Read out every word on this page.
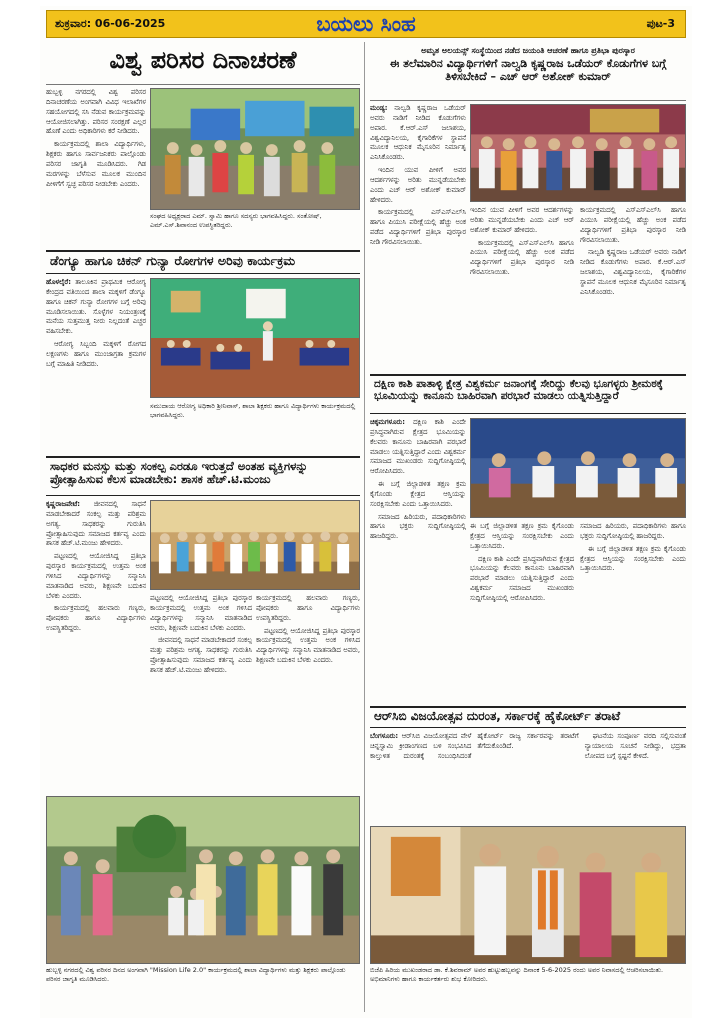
ಶುಕ್ರವಾರ: 06-06-2025	ಬಯಲು ಸಿಂಹ	ಪುಟ-3
ವಿಶ್ವ ಪರಿಸರ ದಿನಾಚರಣೆ

ಹುಬ್ಬಳ್ಳಿ ನಗರದಲ್ಲಿ ವಿಶ್ವ ಪರಿಸರ ದಿನಾಚರಣೆಯ ಅಂಗವಾಗಿ ವಿವಿಧ ಇಲಾಖೆಗಳ ಸಹಯೋಗದಲ್ಲಿ ಸಸಿ ನೆಡುವ ಕಾರ್ಯಕ್ರಮವನ್ನು ಆಯೋಜಿಸಲಾಗಿತ್ತು. ಪರಿಸರ ಸಂರಕ್ಷಣೆ ಎಲ್ಲರ ಹೊಣೆ ಎಂದು ಅಧಿಕಾರಿಗಳು ಕರೆ ನೀಡಿದರು.

ಕಾರ್ಯಕ್ರಮದಲ್ಲಿ ಶಾಲಾ ವಿದ್ಯಾರ್ಥಿಗಳು, ಶಿಕ್ಷಕರು ಹಾಗೂ ಸಾರ್ವಜನಿಕರು ಪಾಲ್ಗೊಂಡು ಪರಿಸರ ಜಾಗೃತಿ ಮೂಡಿಸಿದರು. ಗಿಡ ಮರಗಳನ್ನು ಬೆಳೆಸುವ ಮೂಲಕ ಮುಂದಿನ ಪೀಳಿಗೆಗೆ ಸ್ವಚ್ಛ ಪರಿಸರ ನೀಡಬೇಕು ಎಂದರು.

ಸಂಘದ ಅಧ್ಯಕ್ಷರಾದ ಎಮ್. ಸ್ವಾಮಿ ಹಾಗೂ ಸದಸ್ಯರು ಭಾಗವಹಿಸಿದ್ದರು. ಸಂತೋಷ್, ಎಮ್.ಎಸ್.ಶಿವಾನಂದ ಉಪಸ್ಥಿತರಿದ್ದರು.
ಡೆಂಗ್ಯೂ ಹಾಗೂ ಚಿಕನ್ ಗುನ್ಯಾ ರೋಗಗಳ ಅರಿವು ಕಾರ್ಯಕ್ರಮ

ಹೊಳಲ್ಕೆರೆ: ತಾಲೂಕಿನ ಪ್ರಾಥಮಿಕ ಆರೋಗ್ಯ ಕೇಂದ್ರದ ವತಿಯಿಂದ ಶಾಲಾ ಮಕ್ಕಳಿಗೆ ಡೆಂಗ್ಯೂ ಹಾಗೂ ಚಿಕನ್ ಗುನ್ಯಾ ರೋಗಗಳ ಬಗ್ಗೆ ಅರಿವು ಮೂಡಿಸಲಾಯಿತು. ಸೊಳ್ಳೆಗಳ ನಿಯಂತ್ರಣಕ್ಕೆ ಮನೆಯ ಸುತ್ತಮುತ್ತ ನೀರು ನಿಲ್ಲದಂತೆ ಎಚ್ಚರ ವಹಿಸಬೇಕು.

ಆರೋಗ್ಯ ಸಿಬ್ಬಂದಿ ಮಕ್ಕಳಿಗೆ ರೋಗದ ಲಕ್ಷಣಗಳು ಹಾಗೂ ಮುಂಜಾಗ್ರತಾ ಕ್ರಮಗಳ ಬಗ್ಗೆ ಮಾಹಿತಿ ನೀಡಿದರು.

ಸಮುದಾಯ ಆರೋಗ್ಯ ಅಧಿಕಾರಿ ಶ್ರೀನಿವಾಸ್, ಶಾಲಾ ಶಿಕ್ಷಕರು ಹಾಗೂ ವಿದ್ಯಾರ್ಥಿಗಳು ಕಾರ್ಯಕ್ರಮದಲ್ಲಿ ಭಾಗವಹಿಸಿದ್ದರು.
ಸಾಧಕರ ಮನಸ್ಸು ಮತ್ತು ಸಂಕಲ್ಪ ಎರಡೂ ಇರುತ್ತದೆ ಅಂತಹ ವ್ಯಕ್ತಿಗಳನ್ನು ಪ್ರೋತ್ಸಾಹಿಸುವ ಕೆಲಸ ಮಾಡಬೇಕು: ಶಾಸಕ ಹೆಚ್.ಟಿ.ಮಂಜು

ಕೃಷ್ಣರಾಜಪೇಟೆ: ಜೀವನದಲ್ಲಿ ಸಾಧನೆ ಮಾಡಬೇಕಾದರೆ ಸಂಕಲ್ಪ ಮತ್ತು ಪರಿಶ್ರಮ ಅಗತ್ಯ. ಸಾಧಕರನ್ನು ಗುರುತಿಸಿ ಪ್ರೋತ್ಸಾಹಿಸುವುದು ಸಮಾಜದ ಕರ್ತವ್ಯ ಎಂದು ಶಾಸಕ ಹೆಚ್.ಟಿ.ಮಂಜು ಹೇಳಿದರು.

ಪಟ್ಟಣದಲ್ಲಿ ಆಯೋಜಿಸಿದ್ದ ಪ್ರತಿಭಾ ಪುರಸ್ಕಾರ ಕಾರ್ಯಕ್ರಮದಲ್ಲಿ ಉತ್ತಮ ಅಂಕ ಗಳಿಸಿದ ವಿದ್ಯಾರ್ಥಿಗಳನ್ನು ಸನ್ಮಾನಿಸಿ ಮಾತನಾಡಿದ ಅವರು, ಶಿಕ್ಷಣವೇ ಬದುಕಿನ ಬೆಳಕು ಎಂದರು.

ಕಾರ್ಯಕ್ರಮದಲ್ಲಿ ಹಲವಾರು ಗಣ್ಯರು, ಪೋಷಕರು ಹಾಗೂ ವಿದ್ಯಾರ್ಥಿಗಳು ಉಪಸ್ಥಿತರಿದ್ದರು.

ಪಟ್ಟಣದಲ್ಲಿ ಆಯೋಜಿಸಿದ್ದ ಪ್ರತಿಭಾ ಪುರಸ್ಕಾರ ಕಾರ್ಯಕ್ರಮದಲ್ಲಿ ಉತ್ತಮ ಅಂಕ ಗಳಿಸಿದ ವಿದ್ಯಾರ್ಥಿಗಳನ್ನು ಸನ್ಮಾನಿಸಿ ಮಾತನಾಡಿದ ಅವರು, ಶಿಕ್ಷಣವೇ ಬದುಕಿನ ಬೆಳಕು ಎಂದರು.

ಜೀವನದಲ್ಲಿ ಸಾಧನೆ ಮಾಡಬೇಕಾದರೆ ಸಂಕಲ್ಪ ಮತ್ತು ಪರಿಶ್ರಮ ಅಗತ್ಯ. ಸಾಧಕರನ್ನು ಗುರುತಿಸಿ ಪ್ರೋತ್ಸಾಹಿಸುವುದು ಸಮಾಜದ ಕರ್ತವ್ಯ ಎಂದು ಶಾಸಕ ಹೆಚ್.ಟಿ.ಮಂಜು ಹೇಳಿದರು.

ಕಾರ್ಯಕ್ರಮದಲ್ಲಿ ಹಲವಾರು ಗಣ್ಯರು, ಪೋಷಕರು ಹಾಗೂ ವಿದ್ಯಾರ್ಥಿಗಳು ಉಪಸ್ಥಿತರಿದ್ದರು.

ಪಟ್ಟಣದಲ್ಲಿ ಆಯೋಜಿಸಿದ್ದ ಪ್ರತಿಭಾ ಪುರಸ್ಕಾರ ಕಾರ್ಯಕ್ರಮದಲ್ಲಿ ಉತ್ತಮ ಅಂಕ ಗಳಿಸಿದ ವಿದ್ಯಾರ್ಥಿಗಳನ್ನು ಸನ್ಮಾನಿಸಿ ಮಾತನಾಡಿದ ಅವರು, ಶಿಕ್ಷಣವೇ ಬದುಕಿನ ಬೆಳಕು ಎಂದರು.

ಹುಬ್ಬಳ್ಳಿ ನಗರದಲ್ಲಿ ವಿಶ್ವ ಪರಿಸರ ದಿನದ ಅಂಗವಾಗಿ "Mission Life 2.0" ಕಾರ್ಯಕ್ರಮದಲ್ಲಿ ಶಾಲಾ ವಿದ್ಯಾರ್ಥಿಗಳು ಮತ್ತು ಶಿಕ್ಷಕರು ಪಾಲ್ಗೊಂಡು ಪರಿಸರ ಜಾಗೃತಿ ಮೂಡಿಸಿದರು.
ಅಮೃತ ಅಲಯನ್ಸ್ ಸಂಸ್ಥೆಯಿಂದ ನಡೆದ ಜಯಂತಿ ಆಚರಣೆ ಹಾಗೂ ಪ್ರತಿಭಾ ಪುರಸ್ಕಾರ
ಈ ತಲೆಮಾರಿನ ವಿದ್ಯಾರ್ಥಿಗಳಿಗೆ ನಾಲ್ವಡಿ ಕೃಷ್ಣರಾಜ ಒಡೆಯರ್ ಕೊಡುಗೆಗಳ ಬಗ್ಗೆ ತಿಳಿಸಬೇಕಿದೆ – ಎಚ್ ಆರ್ ಅಶೋಕ್ ಕುಮಾರ್

ಮಂಡ್ಯ: ನಾಲ್ವಡಿ ಕೃಷ್ಣರಾಜ ಒಡೆಯರ್ ಅವರು ನಾಡಿಗೆ ನೀಡಿದ ಕೊಡುಗೆಗಳು ಅಪಾರ. ಕೆ.ಆರ್.ಎಸ್ ಜಲಾಶಯ, ವಿಶ್ವವಿದ್ಯಾನಿಲಯ, ಕೈಗಾರಿಕೆಗಳ ಸ್ಥಾಪನೆ ಮೂಲಕ ಆಧುನಿಕ ಮೈಸೂರಿನ ನಿರ್ಮಾತೃ ಎನಿಸಿಕೊಂಡರು.

ಇಂದಿನ ಯುವ ಪೀಳಿಗೆ ಅವರ ಆದರ್ಶಗಳನ್ನು ಅರಿತು ಮುನ್ನಡೆಯಬೇಕು ಎಂದು ಎಚ್ ಆರ್ ಅಶೋಕ್ ಕುಮಾರ್ ಹೇಳಿದರು.

ಕಾರ್ಯಕ್ರಮದಲ್ಲಿ ಎಸ್‌ಎಸ್‌ಎಲ್‌ಸಿ ಹಾಗೂ ಪಿಯುಸಿ ಪರೀಕ್ಷೆಯಲ್ಲಿ ಹೆಚ್ಚು ಅಂಕ ಪಡೆದ ವಿದ್ಯಾರ್ಥಿಗಳಿಗೆ ಪ್ರತಿಭಾ ಪುರಸ್ಕಾರ ನೀಡಿ ಗೌರವಿಸಲಾಯಿತು.

ಇಂದಿನ ಯುವ ಪೀಳಿಗೆ ಅವರ ಆದರ್ಶಗಳನ್ನು ಅರಿತು ಮುನ್ನಡೆಯಬೇಕು ಎಂದು ಎಚ್ ಆರ್ ಅಶೋಕ್ ಕುಮಾರ್ ಹೇಳಿದರು.

ಕಾರ್ಯಕ್ರಮದಲ್ಲಿ ಎಸ್‌ಎಸ್‌ಎಲ್‌ಸಿ ಹಾಗೂ ಪಿಯುಸಿ ಪರೀಕ್ಷೆಯಲ್ಲಿ ಹೆಚ್ಚು ಅಂಕ ಪಡೆದ ವಿದ್ಯಾರ್ಥಿಗಳಿಗೆ ಪ್ರತಿಭಾ ಪುರಸ್ಕಾರ ನೀಡಿ ಗೌರವಿಸಲಾಯಿತು.

ಕಾರ್ಯಕ್ರಮದಲ್ಲಿ ಎಸ್‌ಎಸ್‌ಎಲ್‌ಸಿ ಹಾಗೂ ಪಿಯುಸಿ ಪರೀಕ್ಷೆಯಲ್ಲಿ ಹೆಚ್ಚು ಅಂಕ ಪಡೆದ ವಿದ್ಯಾರ್ಥಿಗಳಿಗೆ ಪ್ರತಿಭಾ ಪುರಸ್ಕಾರ ನೀಡಿ ಗೌರವಿಸಲಾಯಿತು.

ನಾಲ್ವಡಿ ಕೃಷ್ಣರಾಜ ಒಡೆಯರ್ ಅವರು ನಾಡಿಗೆ ನೀಡಿದ ಕೊಡುಗೆಗಳು ಅಪಾರ. ಕೆ.ಆರ್.ಎಸ್ ಜಲಾಶಯ, ವಿಶ್ವವಿದ್ಯಾನಿಲಯ, ಕೈಗಾರಿಕೆಗಳ ಸ್ಥಾಪನೆ ಮೂಲಕ ಆಧುನಿಕ ಮೈಸೂರಿನ ನಿರ್ಮಾತೃ ಎನಿಸಿಕೊಂಡರು.

ದಕ್ಷಿಣ ಕಾಶಿ ಪಾತಾಳ್ಳಿ ಕ್ಷೇತ್ರ ವಿಶ್ವಕರ್ಮ ಜನಾಂಗಕ್ಕೆ ಸೇರಿದ್ದು ಕೆಲವು ಭೂಗಳ್ಳರು ಶ್ರೀಮಠಕ್ಕೆ ಭೂಮಿಯನ್ನು ಕಾನೂನು ಬಾಹಿರವಾಗಿ ಪರಭಾರೆ ಮಾಡಲು ಯತ್ನಿಸುತ್ತಿದ್ದಾರೆ

ಚಿಕ್ಕಮಗಳೂರು: ದಕ್ಷಿಣ ಕಾಶಿ ಎಂದೇ ಪ್ರಸಿದ್ಧವಾಗಿರುವ ಕ್ಷೇತ್ರದ ಭೂಮಿಯನ್ನು ಕೆಲವರು ಕಾನೂನು ಬಾಹಿರವಾಗಿ ಪರಭಾರೆ ಮಾಡಲು ಯತ್ನಿಸುತ್ತಿದ್ದಾರೆ ಎಂದು ವಿಶ್ವಕರ್ಮ ಸಮಾಜದ ಮುಖಂಡರು ಸುದ್ದಿಗೋಷ್ಠಿಯಲ್ಲಿ ಆರೋಪಿಸಿದರು.

ಈ ಬಗ್ಗೆ ಜಿಲ್ಲಾಡಳಿತ ತಕ್ಷಣ ಕ್ರಮ ಕೈಗೊಂಡು ಕ್ಷೇತ್ರದ ಆಸ್ತಿಯನ್ನು ಸಂರಕ್ಷಿಸಬೇಕು ಎಂದು ಒತ್ತಾಯಿಸಿದರು.

ಸಮಾಜದ ಹಿರಿಯರು, ಪದಾಧಿಕಾರಿಗಳು ಹಾಗೂ ಭಕ್ತರು ಸುದ್ದಿಗೋಷ್ಠಿಯಲ್ಲಿ ಹಾಜರಿದ್ದರು.

ಈ ಬಗ್ಗೆ ಜಿಲ್ಲಾಡಳಿತ ತಕ್ಷಣ ಕ್ರಮ ಕೈಗೊಂಡು ಕ್ಷೇತ್ರದ ಆಸ್ತಿಯನ್ನು ಸಂರಕ್ಷಿಸಬೇಕು ಎಂದು ಒತ್ತಾಯಿಸಿದರು.

ದಕ್ಷಿಣ ಕಾಶಿ ಎಂದೇ ಪ್ರಸಿದ್ಧವಾಗಿರುವ ಕ್ಷೇತ್ರದ ಭೂಮಿಯನ್ನು ಕೆಲವರು ಕಾನೂನು ಬಾಹಿರವಾಗಿ ಪರಭಾರೆ ಮಾಡಲು ಯತ್ನಿಸುತ್ತಿದ್ದಾರೆ ಎಂದು ವಿಶ್ವಕರ್ಮ ಸಮಾಜದ ಮುಖಂಡರು ಸುದ್ದಿಗೋಷ್ಠಿಯಲ್ಲಿ ಆರೋಪಿಸಿದರು.

ಸಮಾಜದ ಹಿರಿಯರು, ಪದಾಧಿಕಾರಿಗಳು ಹಾಗೂ ಭಕ್ತರು ಸುದ್ದಿಗೋಷ್ಠಿಯಲ್ಲಿ ಹಾಜರಿದ್ದರು.

ಈ ಬಗ್ಗೆ ಜಿಲ್ಲಾಡಳಿತ ತಕ್ಷಣ ಕ್ರಮ ಕೈಗೊಂಡು ಕ್ಷೇತ್ರದ ಆಸ್ತಿಯನ್ನು ಸಂರಕ್ಷಿಸಬೇಕು ಎಂದು ಒತ್ತಾಯಿಸಿದರು.

ಆರ್‌ಸಿಬಿ ವಿಜಯೋತ್ಸವ ದುರಂತ, ಸರ್ಕಾರಕ್ಕೆ ಹೈಕೋರ್ಟ್ ತರಾಟೆ

ಬೆಂಗಳೂರು: ಆರ್‌ಸಿಬಿ ವಿಜಯೋತ್ಸವದ ವೇಳೆ ಚಿನ್ನಸ್ವಾಮಿ ಕ್ರೀಡಾಂಗಣದ ಬಳಿ ಸಂಭವಿಸಿದ ಕಾಲ್ತುಳಿತ ದುರಂತಕ್ಕೆ ಸಂಬಂಧಿಸಿದಂತೆ ಹೈಕೋರ್ಟ್ ರಾಜ್ಯ ಸರ್ಕಾರವನ್ನು ತರಾಟೆಗೆ ತೆಗೆದುಕೊಂಡಿದೆ.

ಘಟನೆಯ ಸಂಪೂರ್ಣ ವರದಿ ಸಲ್ಲಿಸುವಂತೆ ನ್ಯಾಯಾಲಯ ಸೂಚನೆ ನೀಡಿದ್ದು, ಭದ್ರತಾ ಲೋಪದ ಬಗ್ಗೆ ಸ್ಪಷ್ಟನೆ ಕೇಳಿದೆ.

ಬಿಜೆಪಿ ಹಿರಿಯ ಮುಖಂಡರಾದ ಡಾ. ಕೆ.ಶಿವರಾಮ್ ಅವರ ಹುಟ್ಟುಹಬ್ಬವನ್ನು ದಿನಾಂಕ 5-6-2025 ರಂದು ಅವರ ನಿವಾಸದಲ್ಲಿ ಆಚರಿಸಲಾಯಿತು. ಅಭಿಮಾನಿಗಳು ಹಾಗೂ ಕಾರ್ಯಕರ್ತರು ಶುಭ ಕೋರಿದರು.
